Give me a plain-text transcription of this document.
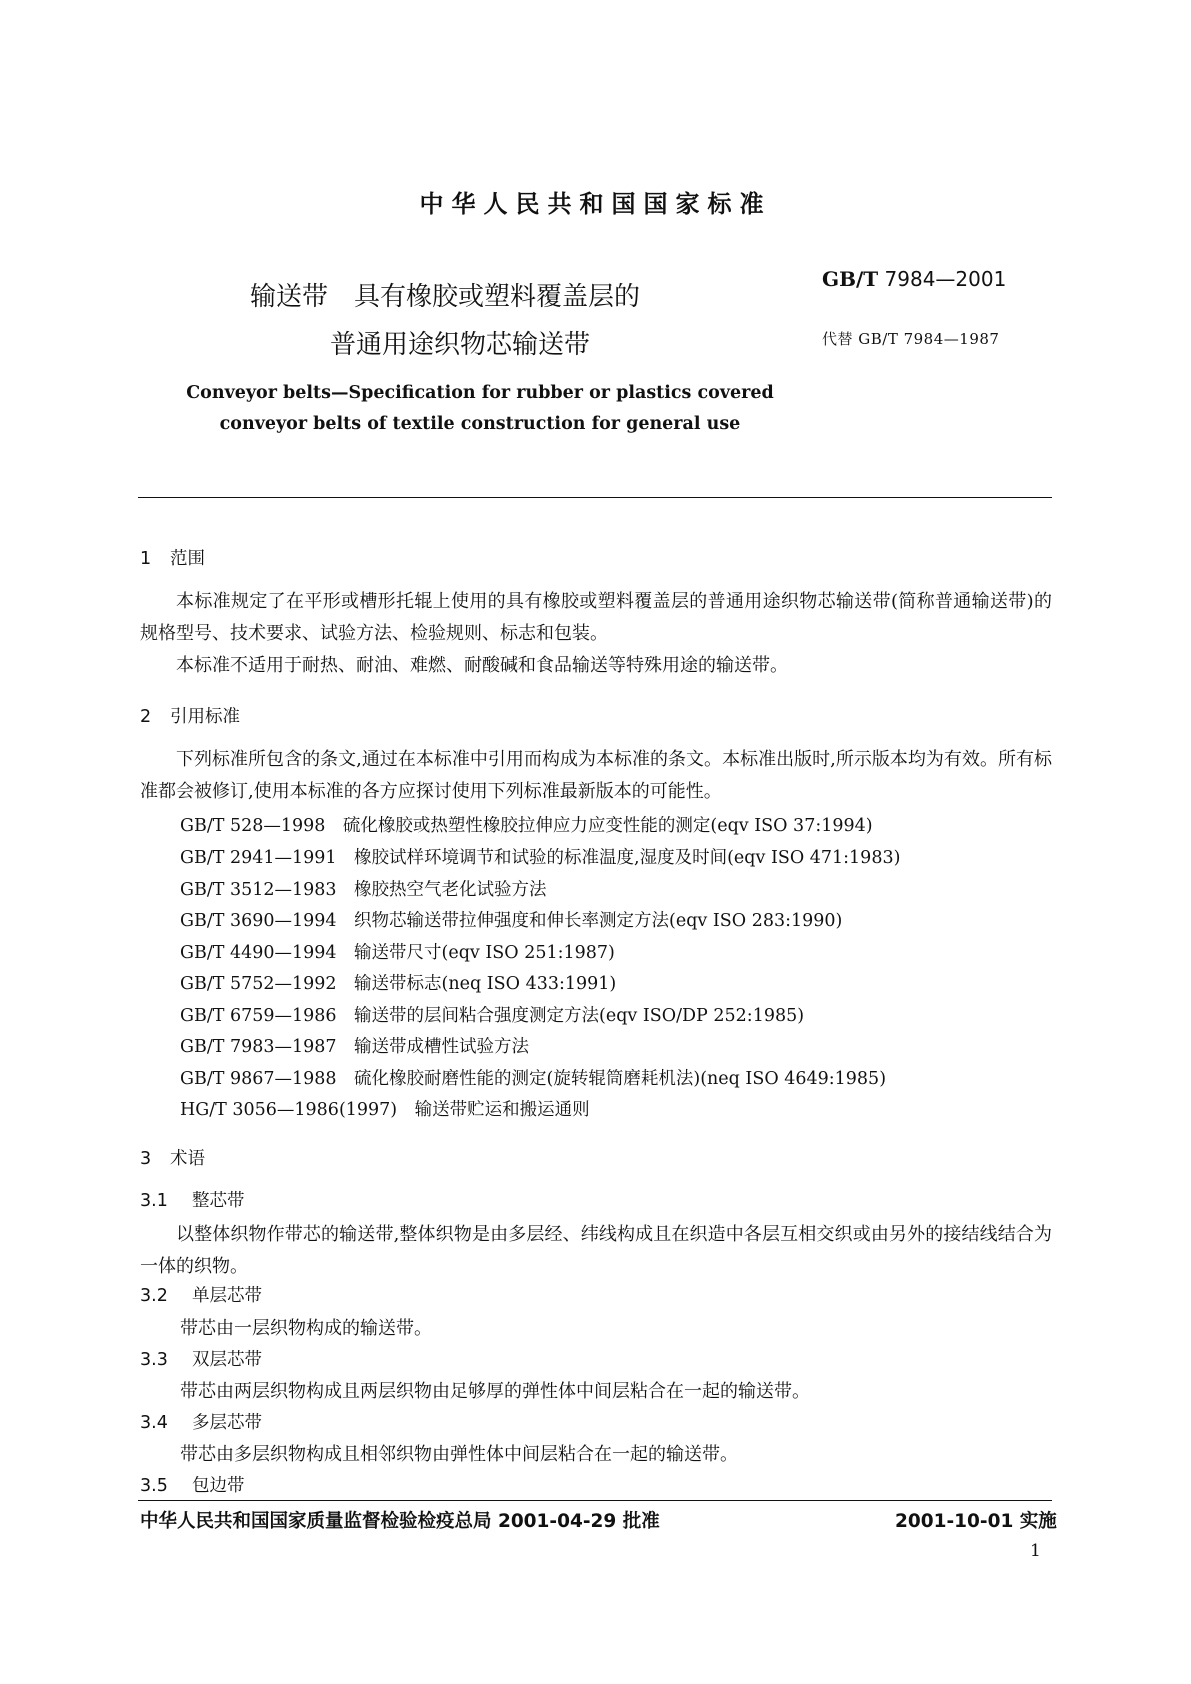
中华人民共和国国家标准
输送带　具有橡胶或塑料覆盖层的
普通用途织物芯输送带
GB/T 7984—2001
代替 GB/T 7984—1987
Conveyor belts—Specification for rubber or plastics covered
conveyor belts of textile construction for general use
1 范围
本标准规定了在平形或槽形托辊上使用的具有橡胶或塑料覆盖层的普通用途织物芯输送带(简称普通输送带)的规格型号、技术要求、试验方法、检验规则、标志和包装。
本标准不适用于耐热、耐油、难燃、耐酸碱和食品输送等特殊用途的输送带。
2 引用标准
下列标准所包含的条文,通过在本标准中引用而构成为本标准的条文。本标准出版时,所示版本均为有效。所有标准都会被修订,使用本标准的各方应探讨使用下列标准最新版本的可能性。
GB/T 528—1998　硫化橡胶或热塑性橡胶拉伸应力应变性能的测定(eqv ISO 37:1994)
GB/T 2941—1991　橡胶试样环境调节和试验的标准温度,湿度及时间(eqv ISO 471:1983)
GB/T 3512—1983　橡胶热空气老化试验方法
GB/T 3690—1994　织物芯输送带拉伸强度和伸长率测定方法(eqv ISO 283:1990)
GB/T 4490—1994　输送带尺寸(eqv ISO 251:1987)
GB/T 5752—1992　输送带标志(neq ISO 433:1991)
GB/T 6759—1986　输送带的层间粘合强度测定方法(eqv ISO/DP 252:1985)
GB/T 7983—1987　输送带成槽性试验方法
GB/T 9867—1988　硫化橡胶耐磨性能的测定(旋转辊筒磨耗机法)(neq ISO 4649:1985)
HG/T 3056—1986(1997)　输送带贮运和搬运通则
3 术语
3.1 整芯带
以整体织物作带芯的输送带,整体织物是由多层经、纬线构成且在织造中各层互相交织或由另外的接结线结合为一体的织物。
3.2 单层芯带
带芯由一层织物构成的输送带。
3.3 双层芯带
带芯由两层织物构成且两层织物由足够厚的弹性体中间层粘合在一起的输送带。
3.4 多层芯带
带芯由多层织物构成且相邻织物由弹性体中间层粘合在一起的输送带。
3.5 包边带
中华人民共和国国家质量监督检验检疫总局 2001-04-29 批准	2001-10-01 实施
1
